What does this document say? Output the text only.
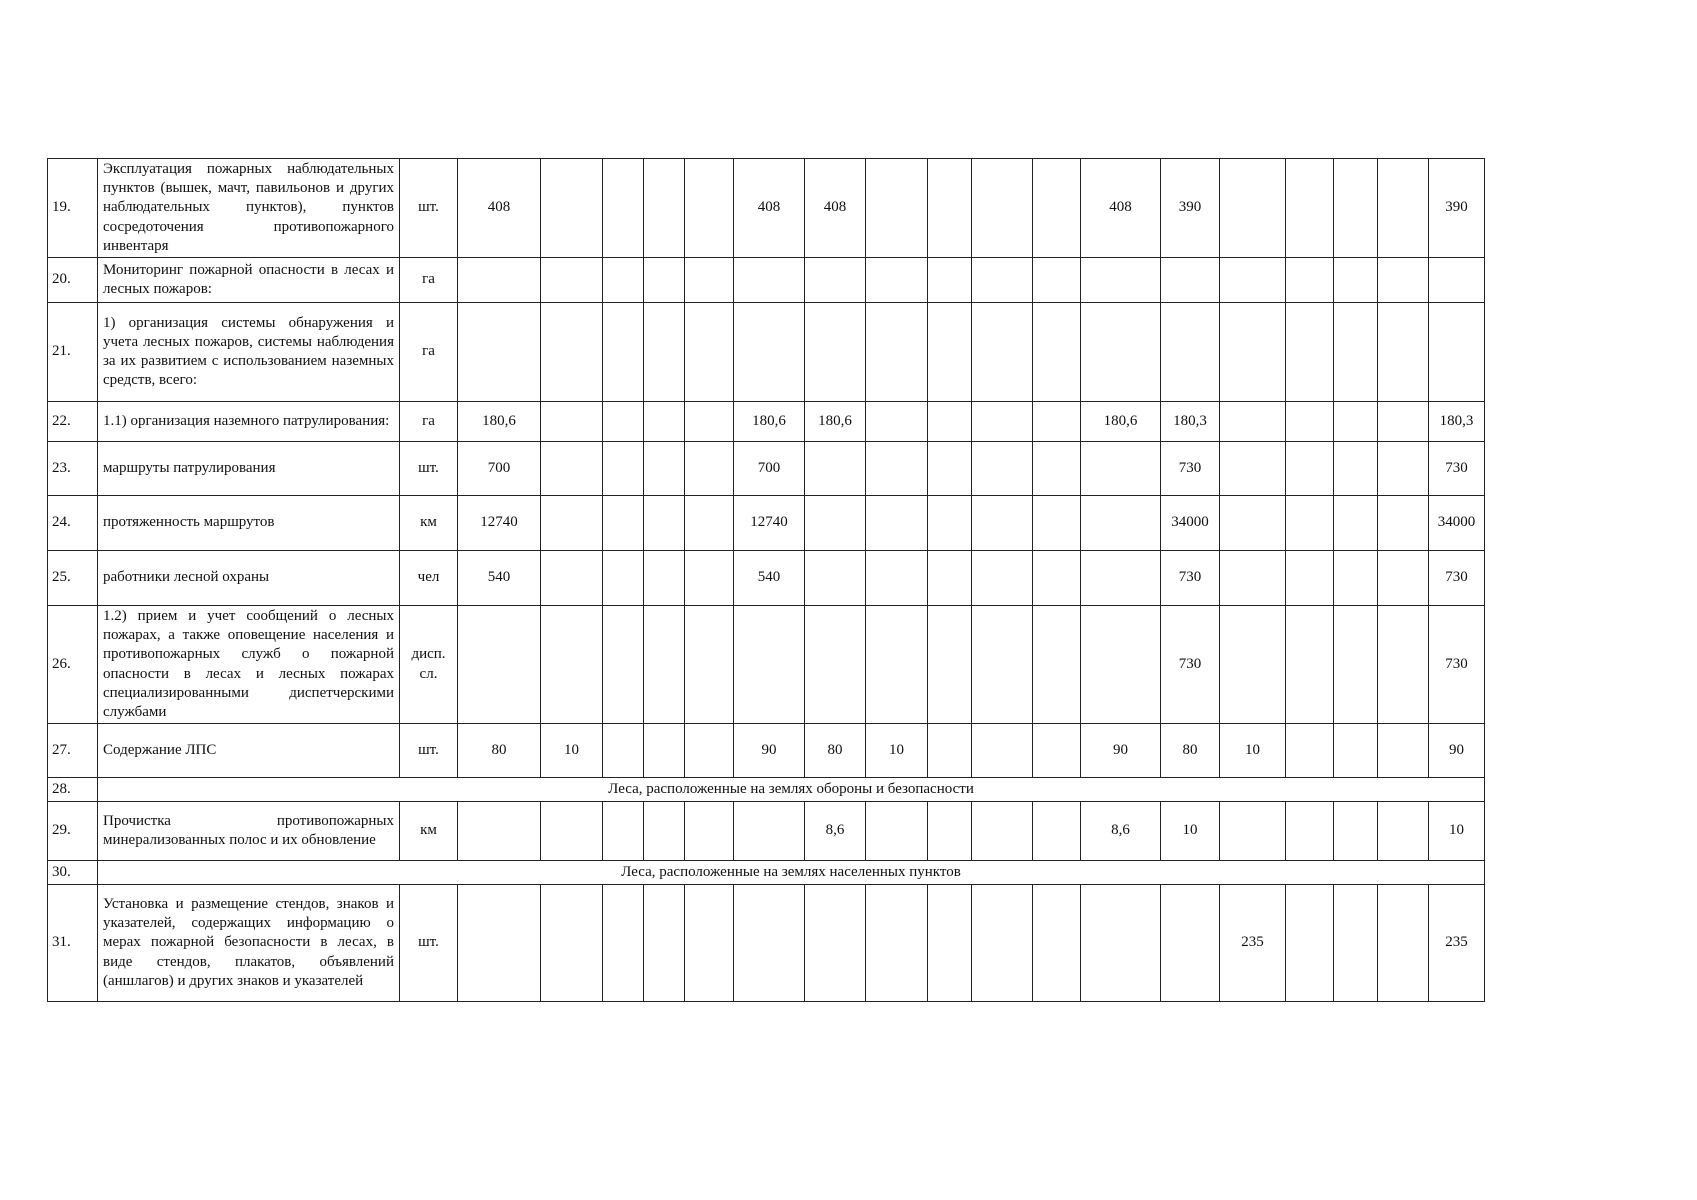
19.	Эксплуатация пожарных наблюдательных пунктов (вышек, мачт, павильонов и других наблюдательных пунктов), пунктов сосредоточения противопожарного инвентаря	шт.	408					408	408					408	390					390
20.	Мониторинг пожарной опасности в лесах и лесных пожаров:	га																		
21.	1) организация системы обнаружения и учета лесных пожаров, системы наблюдения за их развитием с использованием наземных средств, всего:	га																		
22.	1.1) организация наземного патрулирования:	га	180,6					180,6	180,6					180,6	180,3					180,3
23.	маршруты патрулирования	шт.	700					700							730					730
24.	протяженность маршрутов	км	12740					12740							34000					34000
25.	работники лесной охраны	чел	540					540							730					730
26.	1.2) прием и учет сообщений о лесных пожарах, а также оповещение населения и противопожарных служб о пожарной опасности в лесах и лесных пожарах специализированными диспетчерскими службами	дисп. сл.													730					730
27.	Содержание ЛПС	шт.	80	10				90	80	10				90	80	10				90
28.	Леса, расположенные на землях обороны и безопасности																			
29.	Прочистка противопожарных минерализованных полос и их обновление	км							8,6					8,6	10					10
30.	Леса, расположенные на землях населенных пунктов																			
31.	Установка и размещение стендов, знаков и указателей, содержащих информацию о мерах пожарной безопасности в лесах, в виде стендов, плакатов, объявлений (аншлагов) и других знаков и указателей	шт.														235				235
